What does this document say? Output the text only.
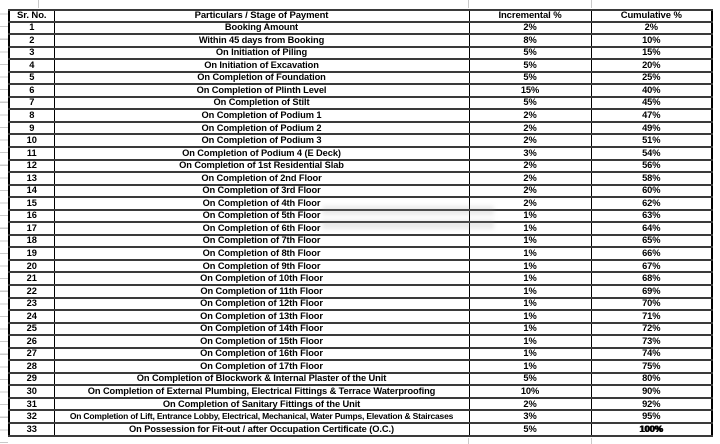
Sr. No.	Particulars / Stage of Payment	Incremental %	Cumulative %
1	Booking Amount	2%	2%
2	Within 45 days from Booking	8%	10%
3	On Initiation of Piling	5%	15%
4	On Initiation of Excavation	5%	20%
5	On Completion of Foundation	5%	25%
6	On Completion of Plinth Level	15%	40%
7	On Completion of Stilt	5%	45%
8	On Completion of Podium 1	2%	47%
9	On Completion of Podium 2	2%	49%
10	On Completion of Podium 3	2%	51%
11	On Completion of Podium 4 (E Deck)	3%	54%
12	On Completion of 1st Residential Slab	2%	56%
13	On Completion of 2nd Floor	2%	58%
14	On Completion of 3rd Floor	2%	60%
15	On Completion of 4th Floor	2%	62%
16	On Completion of 5th Floor	1%	63%
17	On Completion of 6th Floor	1%	64%
18	On Completion of 7th Floor	1%	65%
19	On Completion of 8th Floor	1%	66%
20	On Completion of 9th Floor	1%	67%
21	On Completion of 10th Floor	1%	68%
22	On Completion of 11th Floor	1%	69%
23	On Completion of 12th Floor	1%	70%
24	On Completion of 13th Floor	1%	71%
25	On Completion of 14th Floor	1%	72%
26	On Completion of 15th Floor	1%	73%
27	On Completion of 16th Floor	1%	74%
28	On Completion of 17th Floor	1%	75%
29	On Completion of Blockwork & Internal Plaster of the Unit	5%	80%
30	On Completion of External Plumbing, Electrical Fittings & Terrace Waterproofing	10%	90%
31	On Completion of Sanitary Fittings of the Unit	2%	92%
32	On Completion of Lift, Entrance Lobby, Electrical, Mechanical, Water Pumps, Elevation & Staircases	3%	95%
33	On Possession for Fit-out / after Occupation Certificate (O.C.)	5%	100%
